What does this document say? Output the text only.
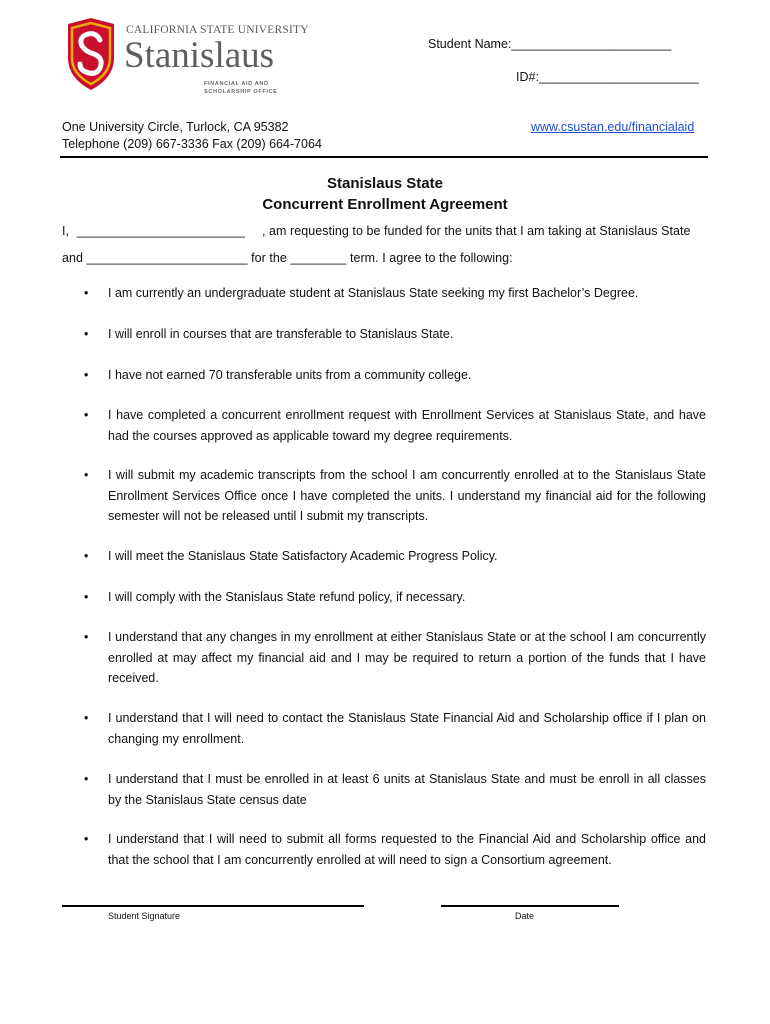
CALIFORNIA STATE UNIVERSITY
Stanislaus
FINANCIAL AID AND
SCHOLARSHIP OFFICE
Student Name:_______________________
ID#:_______________________
One University Circle, Turlock, CA 95382
Telephone (209) 667-3336 Fax (209) 664-7064
www.csustan.edu/financialaid
Stanislaus State
Concurrent Enrollment Agreement
I, ________________________ , am requesting to be funded for the units that I am taking at Stanislaus State
and _______________________ for the ________ term. I agree to the following:
•	I am currently an undergraduate student at Stanislaus State seeking my first Bachelor’s Degree.
•	I will enroll in courses that are transferable to Stanislaus State.
•	I have not earned 70 transferable units from a community college.
•	I have completed a concurrent enrollment request with Enrollment Services at Stanislaus State, and have had the courses approved as applicable toward my degree requirements.
•	I will submit my academic transcripts from the school I am concurrently enrolled at to the Stanislaus State Enrollment Services Office once I have completed the units. I understand my financial aid for the following semester will not be released until I submit my transcripts.
•	I will meet the Stanislaus State Satisfactory Academic Progress Policy.
•	I will comply with the Stanislaus State refund policy, if necessary.
•	I understand that any changes in my enrollment at either Stanislaus State or at the school I am concurrently enrolled at may affect my financial aid and I may be required to return a portion of the funds that I have received.
•	I understand that I will need to contact the Stanislaus State Financial Aid and Scholarship office if I plan on changing my enrollment.
•	I understand that I must be enrolled in at least 6 units at Stanislaus State and must be enroll in all classes by the Stanislaus State census date
•	I understand that I will need to submit all forms requested to the Financial Aid and Scholarship office and that the school that I am concurrently enrolled at will need to sign a Consortium agreement.
Student Signature	Date
